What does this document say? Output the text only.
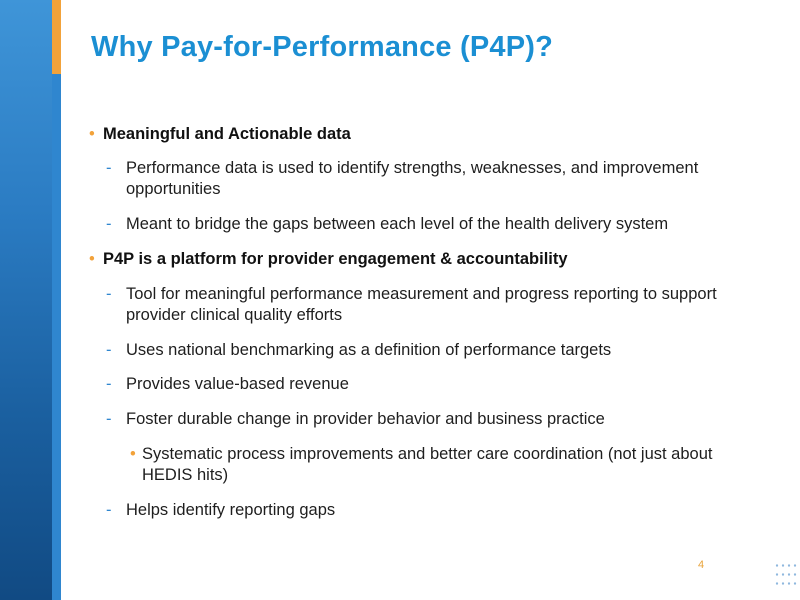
Why Pay-for-Performance (P4P)?
• Meaningful and Actionable data
- Performance data is used to identify strengths, weaknesses, and improvement opportunities
- Meant to bridge the gaps between each level of the health delivery system
• P4P is a platform for provider engagement & accountability
- Tool for meaningful performance measurement and progress reporting to support provider clinical quality efforts
- Uses national benchmarking as a definition of performance targets
- Provides value-based revenue
- Foster durable change in provider behavior and business practice
• Systematic process improvements and better care coordination (not just about HEDIS hits)
- Helps identify reporting gaps
4
